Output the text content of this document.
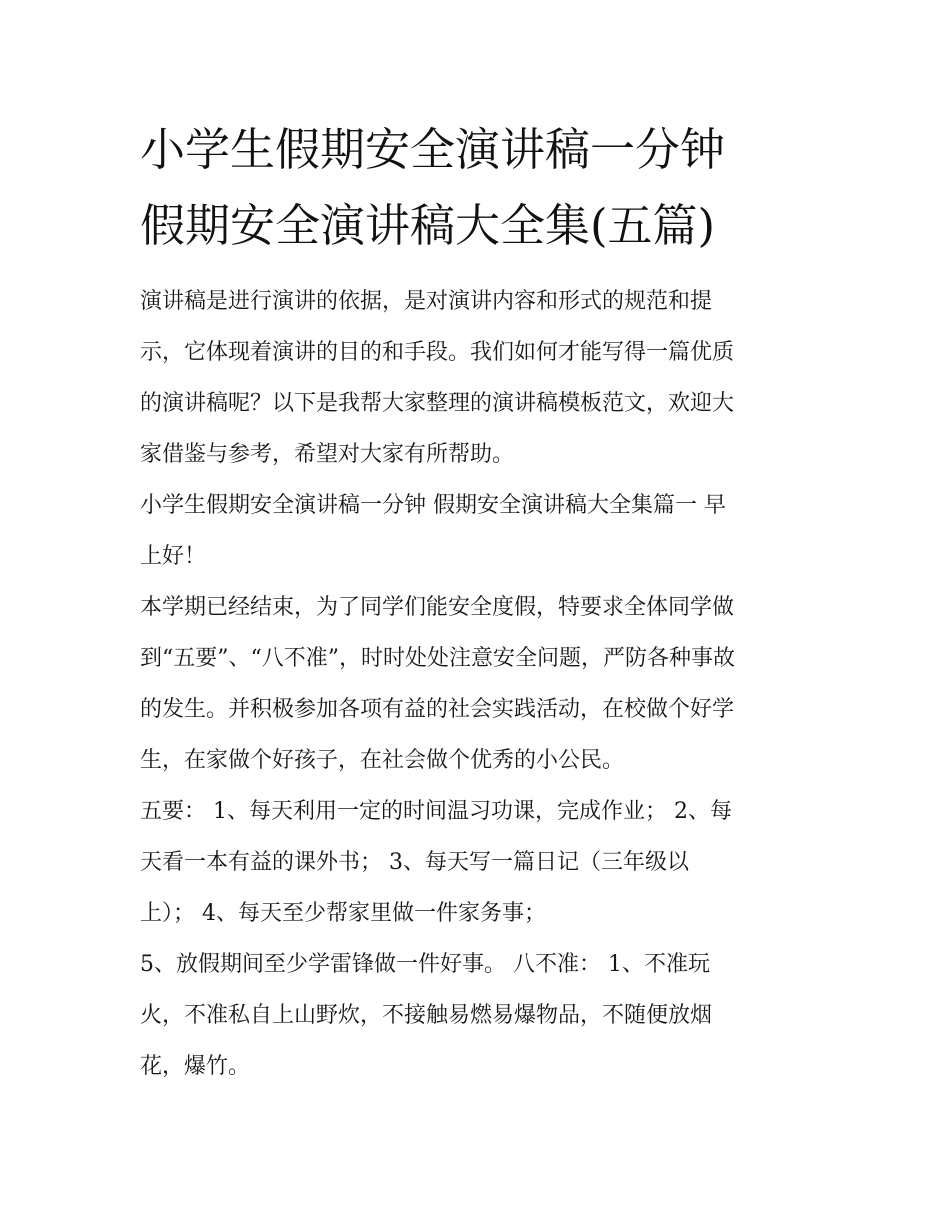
小学生假期安全演讲稿一分钟
假期安全演讲稿大全集(五篇)

演讲稿是进行演讲的依据，是对演讲内容和形式的规范和提
示，它体现着演讲的目的和手段。我们如何才能写得一篇优质
的演讲稿呢？以下是我帮大家整理的演讲稿模板范文，欢迎大
家借鉴与参考，希望对大家有所帮助。

小学生假期安全演讲稿一分钟 假期安全演讲稿大全集篇一 早
上好！

本学期已经结束，为了同学们能安全度假，特要求全体同学做
到“五要”、“八不准”，时时处处注意安全问题，严防各种事故
的发生。并积极参加各项有益的社会实践活动，在校做个好学
生，在家做个好孩子，在社会做个优秀的小公民。

五要： 1、每天利用一定的时间温习功课，完成作业； 2、每
天看一本有益的课外书； 3、每天写一篇日记（三年级以
上）； 4、每天至少帮家里做一件家务事；

5、放假期间至少学雷锋做一件好事。 八不准： 1、不准玩
火，不准私自上山野炊，不接触易燃易爆物品，不随便放烟
花，爆竹。
